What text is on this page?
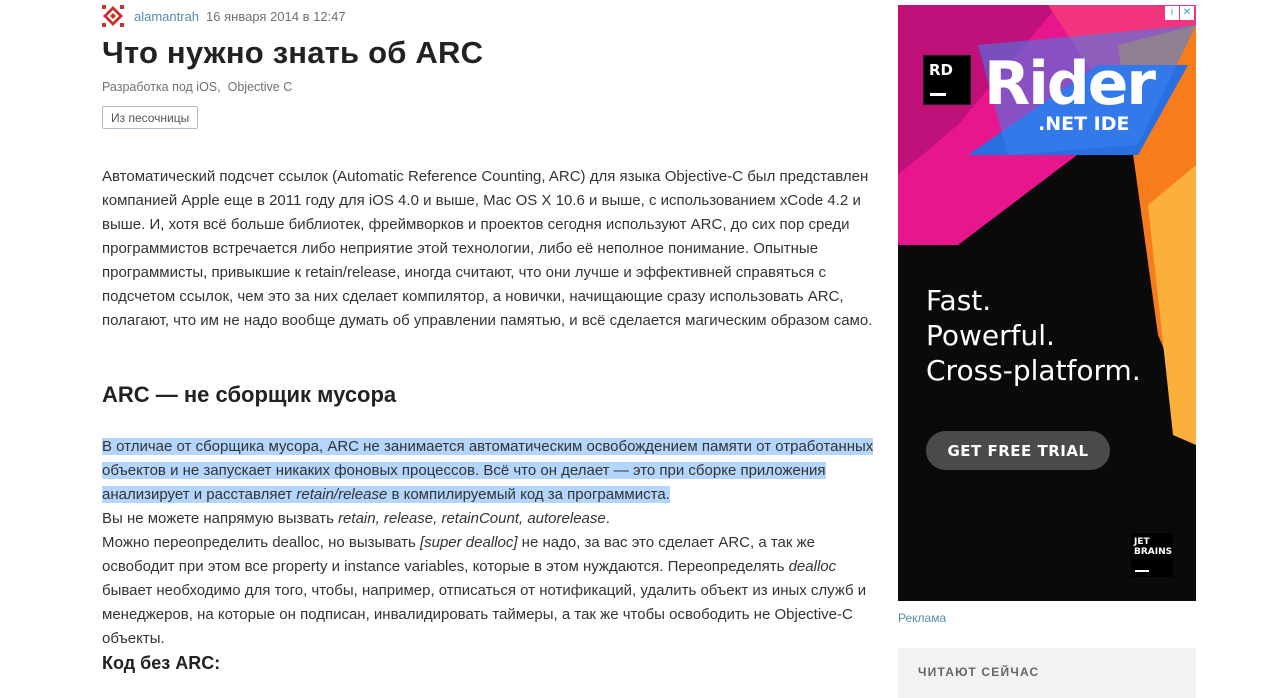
alamantrah 16 января 2014 в 12:47
Что нужно знать об ARC
Разработка под iOS, Objective C
Из песочницы

Автоматический подсчет ссылок (Automatic Reference Counting, ARC) для языка Objective-C был представлен компанией Apple еще в 2011 году для iOS 4.0 и выше, Mac OS X 10.6 и выше, с использованием xCode 4.2 и выше. И, хотя всё больше библиотек, фреймворков и проектов сегодня используют ARC, до сих пор среди программистов встречается либо неприятие этой технологии, либо её неполное понимание. Опытные программисты, привыкшие к retain/release, иногда считают, что они лучше и эффективней справяться с подсчетом ссылок, чем это за них сделает компилятор, а новички, начищающие сразу использовать ARC, полагают, что им не надо вообще думать об управлении памятью, и всё сделается магическим образом само.

ARC — не сборщик мусора

В отличае от сборщика мусора, ARC не занимается автоматическим освобождением памяти от отработанных объектов и не запускает никаких фоновых процессов. Всё что он делает — это при сборке приложения анализирует и расставляет retain/release в компилируемый код за программиста.
Вы не можете напрямую вызвать retain, release, retainCount, autorelease.
Можно переопределить dealloc, но вызывать [super dealloc] не надо, за вас это сделает ARC, а так же освободит при этом все property и instance variables, которые в этом нуждаются. Переопределять dealloc бывает необходимо для того, чтобы, например, отписаться от нотификаций, удалить объект из иных служб и менеджеров, на которые он подписан, инвалидировать таймеры, а так же чтобы освободить не Objective-C объекты.

Код без ARC:
i ✕
RD Rider
.NET IDE
Fast.
Powerful.
Cross-platform.
GET FREE TRIAL
JET
BRAINS
Реклама
ЧИТАЮТ СЕЙЧАС
